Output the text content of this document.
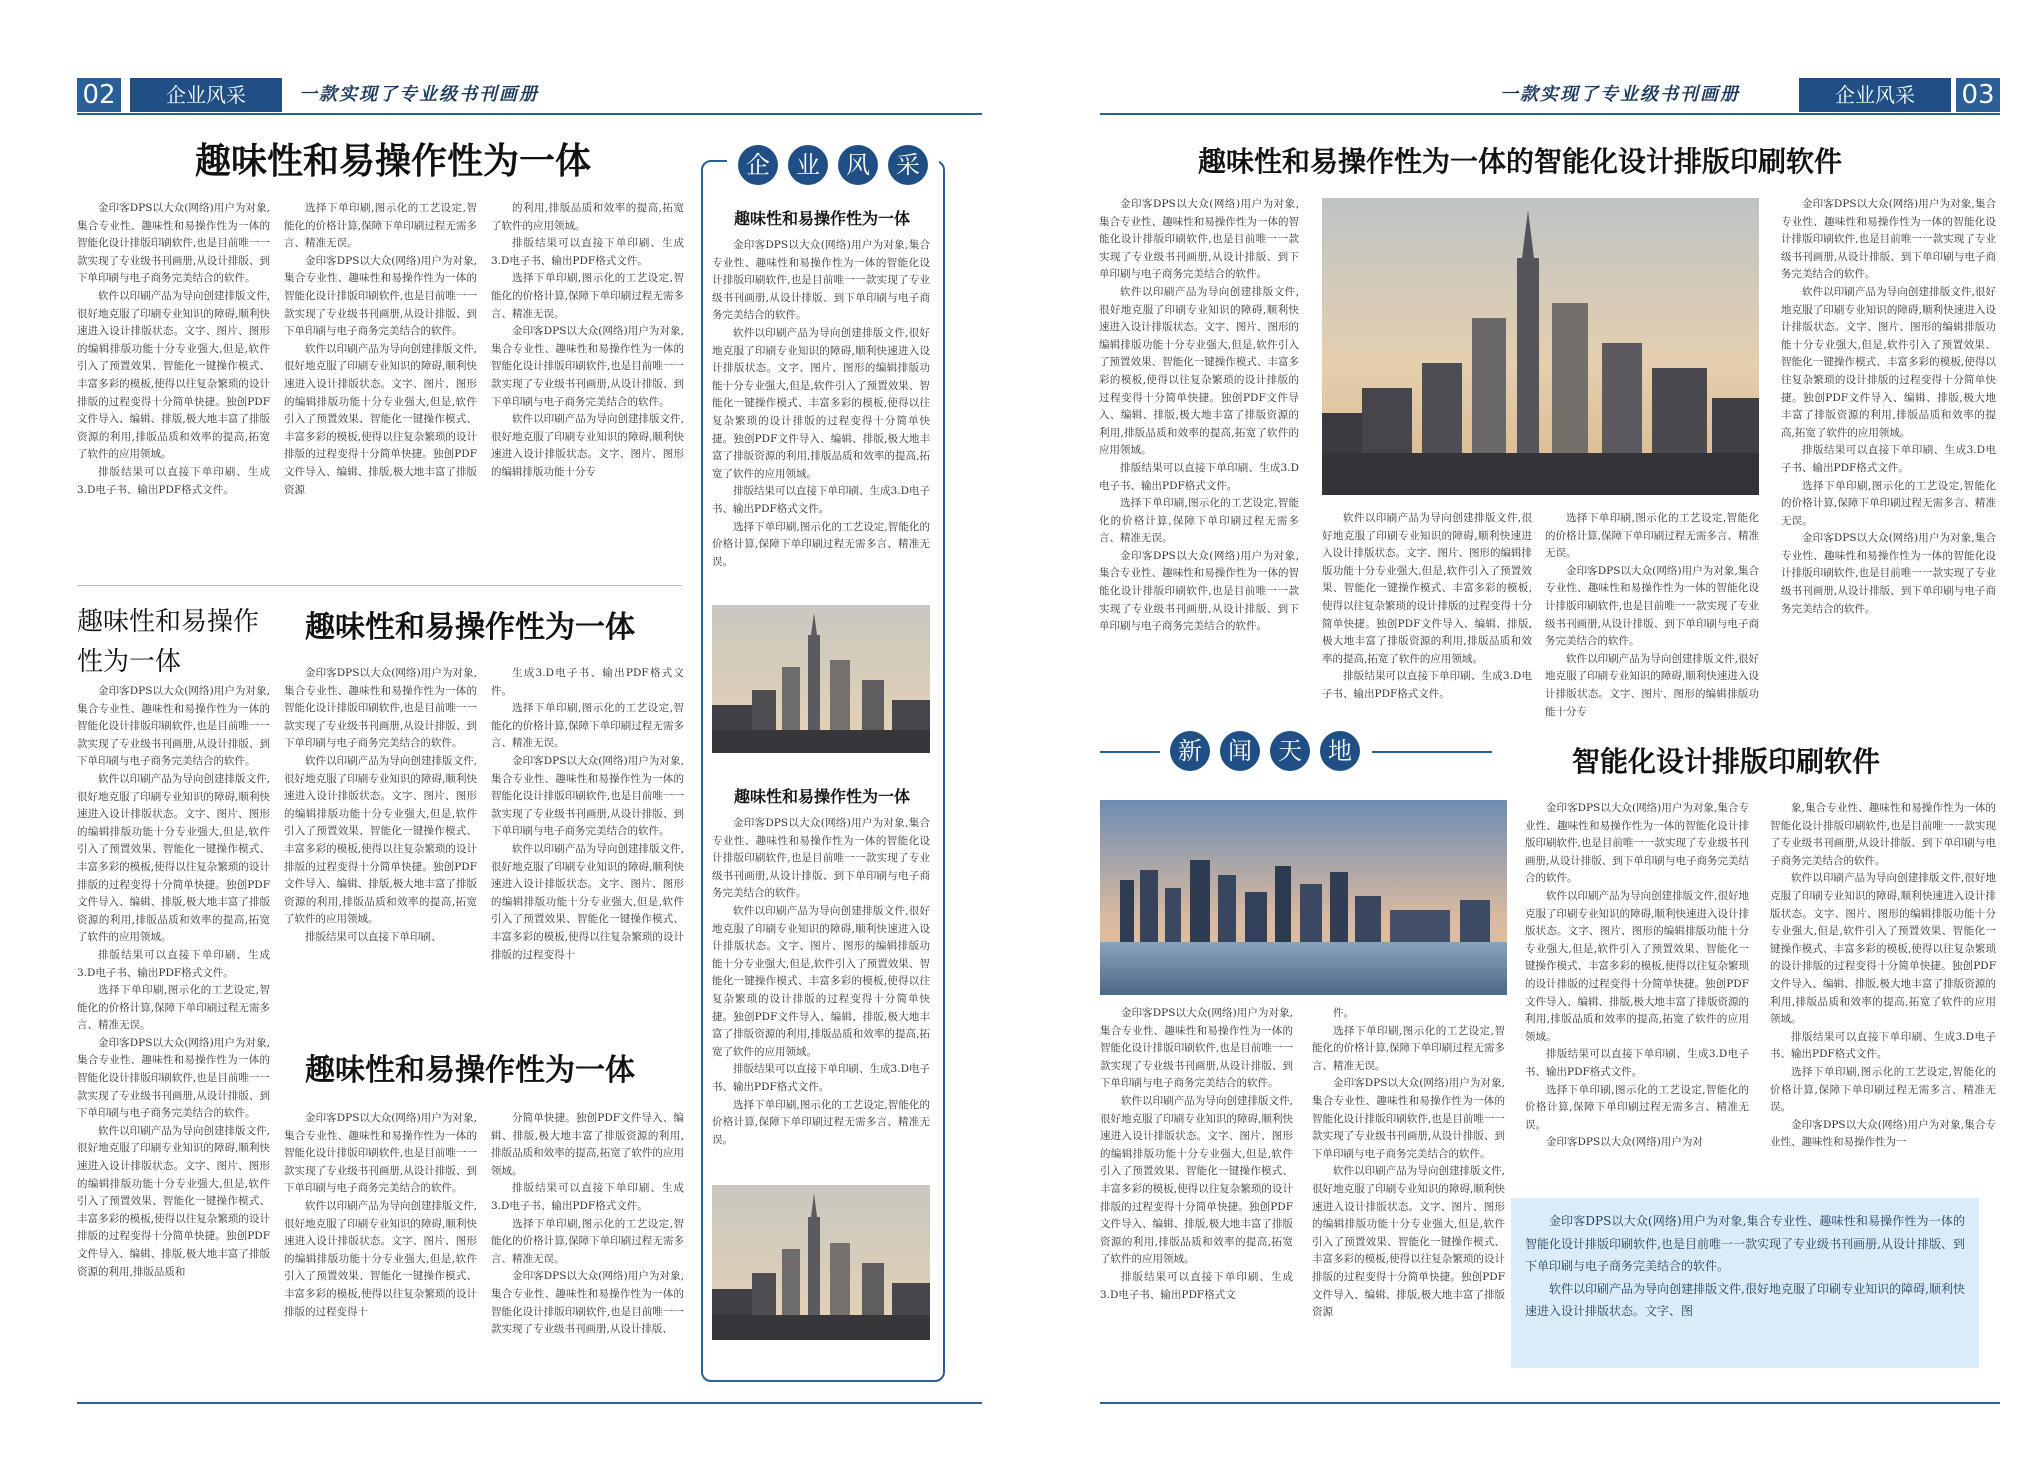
02	企业风采	一款实现了专业级书刊画册
趣味性和易操作性为一体

金印客DPS以大众(网络)用户为对象,集合专业性、趣味性和易操作性为一体的智能化设计排版印刷软件,也是目前唯一一款实现了专业级书刊画册,从设计排版、到下单印刷与电子商务完美结合的软件。

软件以印刷产品为导向创建排版文件,很好地克服了印刷专业知识的障碍,顺利快速进入设计排版状态。文字、图片、图形的编辑排版功能十分专业强大,但是,软件引入了预置效果、智能化一键操作模式、丰富多彩的模板,使得以往复杂繁琐的设计排版的过程变得十分简单快捷。独创PDF文件导入、编辑、排版,极大地丰富了排版资源的利用,排版品质和效率的提高,拓宽了软件的应用领域。

排版结果可以直接下单印刷、生成3.D电子书、输出PDF格式文件。

选择下单印刷,图示化的工艺设定,智能化的价格计算,保障下单印刷过程无需多言、精准无误。

金印客DPS以大众(网络)用户为对象,集合专业性、趣味性和易操作性为一体的智能化设计排版印刷软件,也是目前唯一一款实现了专业级书刊画册,从设计排版、到下单印刷与电子商务完美结合的软件。

软件以印刷产品为导向创建排版文件,很好地克服了印刷专业知识的障碍,顺利快速进入设计排版状态。文字、图片、图形的编辑排版功能十分专业强大,但是,软件引入了预置效果、智能化一键操作模式、丰富多彩的模板,使得以往复杂繁琐的设计排版的过程变得十分简单快捷。独创PDF文件导入、编辑、排版,极大地丰富了排版资源

的利用,排版品质和效率的提高,拓宽了软件的应用领域。

排版结果可以直接下单印刷、生成3.D电子书、输出PDF格式文件。

选择下单印刷,图示化的工艺设定,智能化的价格计算,保障下单印刷过程无需多言、精准无误。

金印客DPS以大众(网络)用户为对象,集合专业性、趣味性和易操作性为一体的智能化设计排版印刷软件,也是目前唯一一款实现了专业级书刊画册,从设计排版、到下单印刷与电子商务完美结合的软件。

软件以印刷产品为导向创建排版文件,很好地克服了印刷专业知识的障碍,顺利快速进入设计排版状态。文字、图片、图形的编辑排版功能十分专

趣味性和易操作性为一体
趣味性和易操作性为一体

金印客DPS以大众(网络)用户为对象,集合专业性、趣味性和易操作性为一体的智能化设计排版印刷软件,也是目前唯一一款实现了专业级书刊画册,从设计排版、到下单印刷与电子商务完美结合的软件。

软件以印刷产品为导向创建排版文件,很好地克服了印刷专业知识的障碍,顺利快速进入设计排版状态。文字、图片、图形的编辑排版功能十分专业强大,但是,软件引入了预置效果、智能化一键操作模式、丰富多彩的模板,使得以往复杂繁琐的设计排版的过程变得十分简单快捷。独创PDF文件导入、编辑、排版,极大地丰富了排版资源的利用,排版品质和效率的提高,拓宽了软件的应用领域。

排版结果可以直接下单印刷、生成3.D电子书、输出PDF格式文件。

选择下单印刷,图示化的工艺设定,智能化的价格计算,保障下单印刷过程无需多言、精准无误。

金印客DPS以大众(网络)用户为对象,集合专业性、趣味性和易操作性为一体的智能化设计排版印刷软件,也是目前唯一一款实现了专业级书刊画册,从设计排版、到下单印刷与电子商务完美结合的软件。

软件以印刷产品为导向创建排版文件,很好地克服了印刷专业知识的障碍,顺利快速进入设计排版状态。文字、图片、图形的编辑排版功能十分专业强大,但是,软件引入了预置效果、智能化一键操作模式、丰富多彩的模板,使得以往复杂繁琐的设计排版的过程变得十分简单快捷。独创PDF文件导入、编辑、排版,极大地丰富了排版资源的利用,排版品质和

金印客DPS以大众(网络)用户为对象,集合专业性、趣味性和易操作性为一体的智能化设计排版印刷软件,也是目前唯一一款实现了专业级书刊画册,从设计排版、到下单印刷与电子商务完美结合的软件。

软件以印刷产品为导向创建排版文件,很好地克服了印刷专业知识的障碍,顺利快速进入设计排版状态。文字、图片、图形的编辑排版功能十分专业强大,但是,软件引入了预置效果、智能化一键操作模式、丰富多彩的模板,使得以往复杂繁琐的设计排版的过程变得十分简单快捷。独创PDF文件导入、编辑、排版,极大地丰富了排版资源的利用,排版品质和效率的提高,拓宽了软件的应用领域。

排版结果可以直接下单印刷、

生成3.D电子书、输出PDF格式文件。

选择下单印刷,图示化的工艺设定,智能化的价格计算,保障下单印刷过程无需多言、精准无误。

金印客DPS以大众(网络)用户为对象,集合专业性、趣味性和易操作性为一体的智能化设计排版印刷软件,也是目前唯一一款实现了专业级书刊画册,从设计排版、到下单印刷与电子商务完美结合的软件。

软件以印刷产品为导向创建排版文件,很好地克服了印刷专业知识的障碍,顺利快速进入设计排版状态。文字、图片、图形的编辑排版功能十分专业强大,但是,软件引入了预置效果、智能化一键操作模式、丰富多彩的模板,使得以往复杂繁琐的设计排版的过程变得十

趣味性和易操作性为一体

金印客DPS以大众(网络)用户为对象,集合专业性、趣味性和易操作性为一体的智能化设计排版印刷软件,也是目前唯一一款实现了专业级书刊画册,从设计排版、到下单印刷与电子商务完美结合的软件。

软件以印刷产品为导向创建排版文件,很好地克服了印刷专业知识的障碍,顺利快速进入设计排版状态。文字、图片、图形的编辑排版功能十分专业强大,但是,软件引入了预置效果、智能化一键操作模式、丰富多彩的模板,使得以往复杂繁琐的设计排版的过程变得十

分简单快捷。独创PDF文件导入、编辑、排版,极大地丰富了排版资源的利用,排版品质和效率的提高,拓宽了软件的应用领域。

排版结果可以直接下单印刷、生成3.D电子书、输出PDF格式文件。

选择下单印刷,图示化的工艺设定,智能化的价格计算,保障下单印刷过程无需多言、精准无误。

金印客DPS以大众(网络)用户为对象,集合专业性、趣味性和易操作性为一体的智能化设计排版印刷软件,也是目前唯一一款实现了专业级书刊画册,从设计排版、

企 业 风 采
趣味性和易操作性为一体

金印客DPS以大众(网络)用户为对象,集合专业性、趣味性和易操作性为一体的智能化设计排版印刷软件,也是目前唯一一款实现了专业级书刊画册,从设计排版、到下单印刷与电子商务完美结合的软件。

软件以印刷产品为导向创建排版文件,很好地克服了印刷专业知识的障碍,顺利快速进入设计排版状态。文字、图片、图形的编辑排版功能十分专业强大,但是,软件引入了预置效果、智能化一键操作模式、丰富多彩的模板,使得以往复杂繁琐的设计排版的过程变得十分简单快捷。独创PDF文件导入、编辑、排版,极大地丰富了排版资源的利用,排版品质和效率的提高,拓宽了软件的应用领域。

排版结果可以直接下单印刷、生成3.D电子书、输出PDF格式文件。

选择下单印刷,图示化的工艺设定,智能化的价格计算,保障下单印刷过程无需多言、精准无误。

趣味性和易操作性为一体

金印客DPS以大众(网络)用户为对象,集合专业性、趣味性和易操作性为一体的智能化设计排版印刷软件,也是目前唯一一款实现了专业级书刊画册,从设计排版、到下单印刷与电子商务完美结合的软件。

软件以印刷产品为导向创建排版文件,很好地克服了印刷专业知识的障碍,顺利快速进入设计排版状态。文字、图片、图形的编辑排版功能十分专业强大,但是,软件引入了预置效果、智能化一键操作模式、丰富多彩的模板,使得以往复杂繁琐的设计排版的过程变得十分简单快捷。独创PDF文件导入、编辑、排版,极大地丰富了排版资源的利用,排版品质和效率的提高,拓宽了软件的应用领域。

排版结果可以直接下单印刷、生成3.D电子书、输出PDF格式文件。

选择下单印刷,图示化的工艺设定,智能化的价格计算,保障下单印刷过程无需多言、精准无误。

一款实现了专业级书刊画册	企业风采	03
趣味性和易操作性为一体的智能化设计排版印刷软件

金印客DPS以大众(网络)用户为对象,集合专业性、趣味性和易操作性为一体的智能化设计排版印刷软件,也是目前唯一一款实现了专业级书刊画册,从设计排版、到下单印刷与电子商务完美结合的软件。

软件以印刷产品为导向创建排版文件,很好地克服了印刷专业知识的障碍,顺利快速进入设计排版状态。文字、图片、图形的编辑排版功能十分专业强大,但是,软件引入了预置效果、智能化一键操作模式、丰富多彩的模板,使得以往复杂繁琐的设计排版的过程变得十分简单快捷。独创PDF文件导入、编辑、排版,极大地丰富了排版资源的利用,排版品质和效率的提高,拓宽了软件的应用领域。

排版结果可以直接下单印刷、生成3.D电子书、输出PDF格式文件。

选择下单印刷,图示化的工艺设定,智能化的价格计算,保障下单印刷过程无需多言、精准无误。

金印客DPS以大众(网络)用户为对象,集合专业性、趣味性和易操作性为一体的智能化设计排版印刷软件,也是目前唯一一款实现了专业级书刊画册,从设计排版、到下单印刷与电子商务完美结合的软件。

软件以印刷产品为导向创建排版文件,很好地克服了印刷专业知识的障碍,顺利快速进入设计排版状态。文字、图片、图形的编辑排版功能十分专业强大,但是,软件引入了预置效果、智能化一键操作模式、丰富多彩的模板,使得以往复杂繁琐的设计排版的过程变得十分简单快捷。独创PDF文件导入、编辑、排版,极大地丰富了排版资源的利用,排版品质和效率的提高,拓宽了软件的应用领域。

排版结果可以直接下单印刷、生成3.D电子书、输出PDF格式文件。

选择下单印刷,图示化的工艺设定,智能化的价格计算,保障下单印刷过程无需多言、精准无误。

金印客DPS以大众(网络)用户为对象,集合专业性、趣味性和易操作性为一体的智能化设计排版印刷软件,也是目前唯一一款实现了专业级书刊画册,从设计排版、到下单印刷与电子商务完美结合的软件。

软件以印刷产品为导向创建排版文件,很好地克服了印刷专业知识的障碍,顺利快速进入设计排版状态。文字、图片、图形的编辑排版功能十分专

金印客DPS以大众(网络)用户为对象,集合专业性、趣味性和易操作性为一体的智能化设计排版印刷软件,也是目前唯一一款实现了专业级书刊画册,从设计排版、到下单印刷与电子商务完美结合的软件。

软件以印刷产品为导向创建排版文件,很好地克服了印刷专业知识的障碍,顺利快速进入设计排版状态。文字、图片、图形的编辑排版功能十分专业强大,但是,软件引入了预置效果、智能化一键操作模式、丰富多彩的模板,使得以往复杂繁琐的设计排版的过程变得十分简单快捷。独创PDF文件导入、编辑、排版,极大地丰富了排版资源的利用,排版品质和效率的提高,拓宽了软件的应用领域。

排版结果可以直接下单印刷、生成3.D电子书、输出PDF格式文件。

选择下单印刷,图示化的工艺设定,智能化的价格计算,保障下单印刷过程无需多言、精准无误。

金印客DPS以大众(网络)用户为对象,集合专业性、趣味性和易操作性为一体的智能化设计排版印刷软件,也是目前唯一一款实现了专业级书刊画册,从设计排版、到下单印刷与电子商务完美结合的软件。

新 闻 天 地	智能化设计排版印刷软件

金印客DPS以大众(网络)用户为对象,集合专业性、趣味性和易操作性为一体的智能化设计排版印刷软件,也是目前唯一一款实现了专业级书刊画册,从设计排版、到下单印刷与电子商务完美结合的软件。

软件以印刷产品为导向创建排版文件,很好地克服了印刷专业知识的障碍,顺利快速进入设计排版状态。文字、图片、图形的编辑排版功能十分专业强大,但是,软件引入了预置效果、智能化一键操作模式、丰富多彩的模板,使得以往复杂繁琐的设计排版的过程变得十分简单快捷。独创PDF文件导入、编辑、排版,极大地丰富了排版资源的利用,排版品质和效率的提高,拓宽了软件的应用领域。

排版结果可以直接下单印刷、生成3.D电子书、输出PDF格式文

件。

选择下单印刷,图示化的工艺设定,智能化的价格计算,保障下单印刷过程无需多言、精准无误。

金印客DPS以大众(网络)用户为对象,集合专业性、趣味性和易操作性为一体的智能化设计排版印刷软件,也是目前唯一一款实现了专业级书刊画册,从设计排版、到下单印刷与电子商务完美结合的软件。

软件以印刷产品为导向创建排版文件,很好地克服了印刷专业知识的障碍,顺利快速进入设计排版状态。文字、图片、图形的编辑排版功能十分专业强大,但是,软件引入了预置效果、智能化一键操作模式、丰富多彩的模板,使得以往复杂繁琐的设计排版的过程变得十分简单快捷。独创PDF文件导入、编辑、排版,极大地丰富了排版资源

金印客DPS以大众(网络)用户为对象,集合专业性、趣味性和易操作性为一体的智能化设计排版印刷软件,也是目前唯一一款实现了专业级书刊画册,从设计排版、到下单印刷与电子商务完美结合的软件。

软件以印刷产品为导向创建排版文件,很好地克服了印刷专业知识的障碍,顺利快速进入设计排版状态。文字、图片、图形的编辑排版功能十分专业强大,但是,软件引入了预置效果、智能化一键操作模式、丰富多彩的模板,使得以往复杂繁琐的设计排版的过程变得十分简单快捷。独创PDF文件导入、编辑、排版,极大地丰富了排版资源的利用,排版品质和效率的提高,拓宽了软件的应用领域。

排版结果可以直接下单印刷、生成3.D电子书、输出PDF格式文件。

选择下单印刷,图示化的工艺设定,智能化的价格计算,保障下单印刷过程无需多言、精准无误。

金印客DPS以大众(网络)用户为对

象,集合专业性、趣味性和易操作性为一体的智能化设计排版印刷软件,也是目前唯一一款实现了专业级书刊画册,从设计排版、到下单印刷与电子商务完美结合的软件。

软件以印刷产品为导向创建排版文件,很好地克服了印刷专业知识的障碍,顺利快速进入设计排版状态。文字、图片、图形的编辑排版功能十分专业强大,但是,软件引入了预置效果、智能化一键操作模式、丰富多彩的模板,使得以往复杂繁琐的设计排版的过程变得十分简单快捷。独创PDF文件导入、编辑、排版,极大地丰富了排版资源的利用,排版品质和效率的提高,拓宽了软件的应用领域。

排版结果可以直接下单印刷、生成3.D电子书、输出PDF格式文件。

选择下单印刷,图示化的工艺设定,智能化的价格计算,保障下单印刷过程无需多言、精准无误。

金印客DPS以大众(网络)用户为对象,集合专业性、趣味性和易操作性为一

金印客DPS以大众(网络)用户为对象,集合专业性、趣味性和易操作性为一体的智能化设计排版印刷软件,也是目前唯一一款实现了专业级书刊画册,从设计排版、到下单印刷与电子商务完美结合的软件。

软件以印刷产品为导向创建排版文件,很好地克服了印刷专业知识的障碍,顺利快速进入设计排版状态。文字、图
